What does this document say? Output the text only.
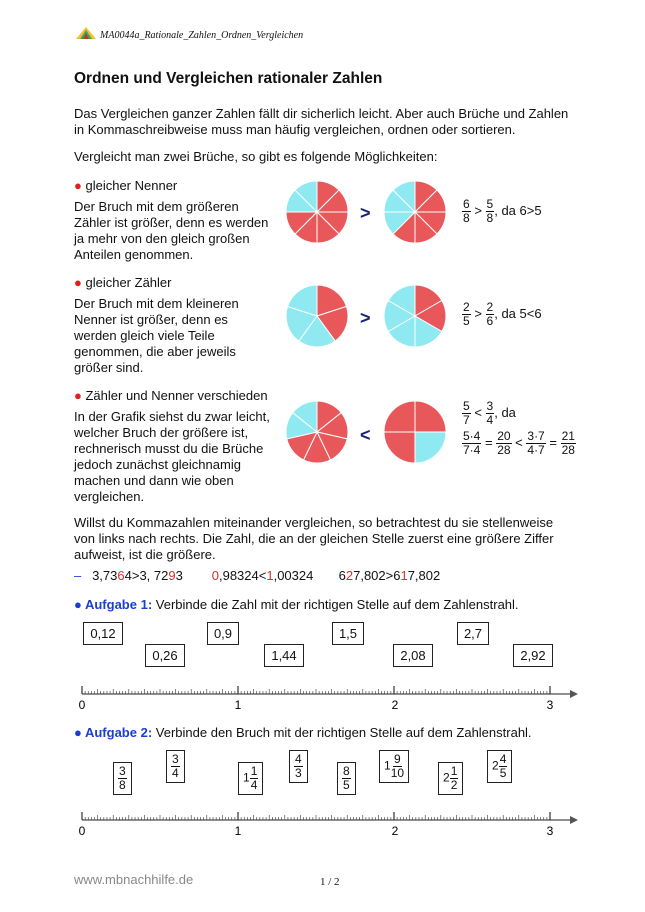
MA0044a_Rationale_Zahlen_Ordnen_Vergleichen
Ordnen und Vergleichen rationaler Zahlen
Das Vergleichen ganzer Zahlen fällt dir sicherlich leicht. Aber auch Brüche und Zahlen
in Kommaschreibweise muss man häufig vergleichen, ordnen oder sortieren.
Vergleicht man zwei Brüche, so gibt es folgende Möglichkeiten:
● gleicher Nenner
Der Bruch mit dem größeren
Zähler ist größer, denn es werden
ja mehr von den gleich großen
Anteilen genommen.
● gleicher Zähler
Der Bruch mit dem kleineren
Nenner ist größer, denn es
werden gleich viele Teile
genommen, die aber jeweils
größer sind.
● Zähler und Nenner verschieden
In der Grafik siehst du zwar leicht,
welcher Bruch der größere ist,
rechnerisch musst du die Brüche
jedoch zunächst gleichnamig
machen und dann wie oben
vergleichen.
>
>
<
$\frac{6}{8} > \frac{5}{8}$ , da 6>5
$\frac{2}{5} > \frac{2}{6}$ , da 5<6
$\frac{5}{7} < \frac{3}{4}$ , da
$\frac{5\cdot 4}{7\cdot 4} = \frac{20}{28} < \frac{3\cdot 7}{4\cdot 7} = \frac{21}{28}$
Willst du Kommazahlen miteinander vergleichen, so betrachtest du sie stellenweise
von links nach rechts. Die Zahl, die an der gleichen Stelle zuerst eine größere Ziffer
aufweist, ist die größere.
– 3,7364>3, 7293 0,98324<1,00324 627,802>617,802
● Aufgabe 1: Verbinde die Zahl mit der richtigen Stelle auf dem Zahlenstrahl.
0,12
0,26
0,9
1,44
1,5
2,08
2,7
2,92
0	1	2	3
● Aufgabe 2: Verbinde den Bruch mit der richtigen Stelle auf dem Zahlenstrahl.
$\frac{3}{8}$	$\frac{3}{4}$	$1 \frac{1}{4}$	$\frac{4}{3}$	$\frac{8}{5}$	$1 \frac{9}{10}$	$2 \frac{1}{2}$	$2 \frac{4}{5}$
0	1	2	3
www.mbnachhilfe.de	1 / 2
